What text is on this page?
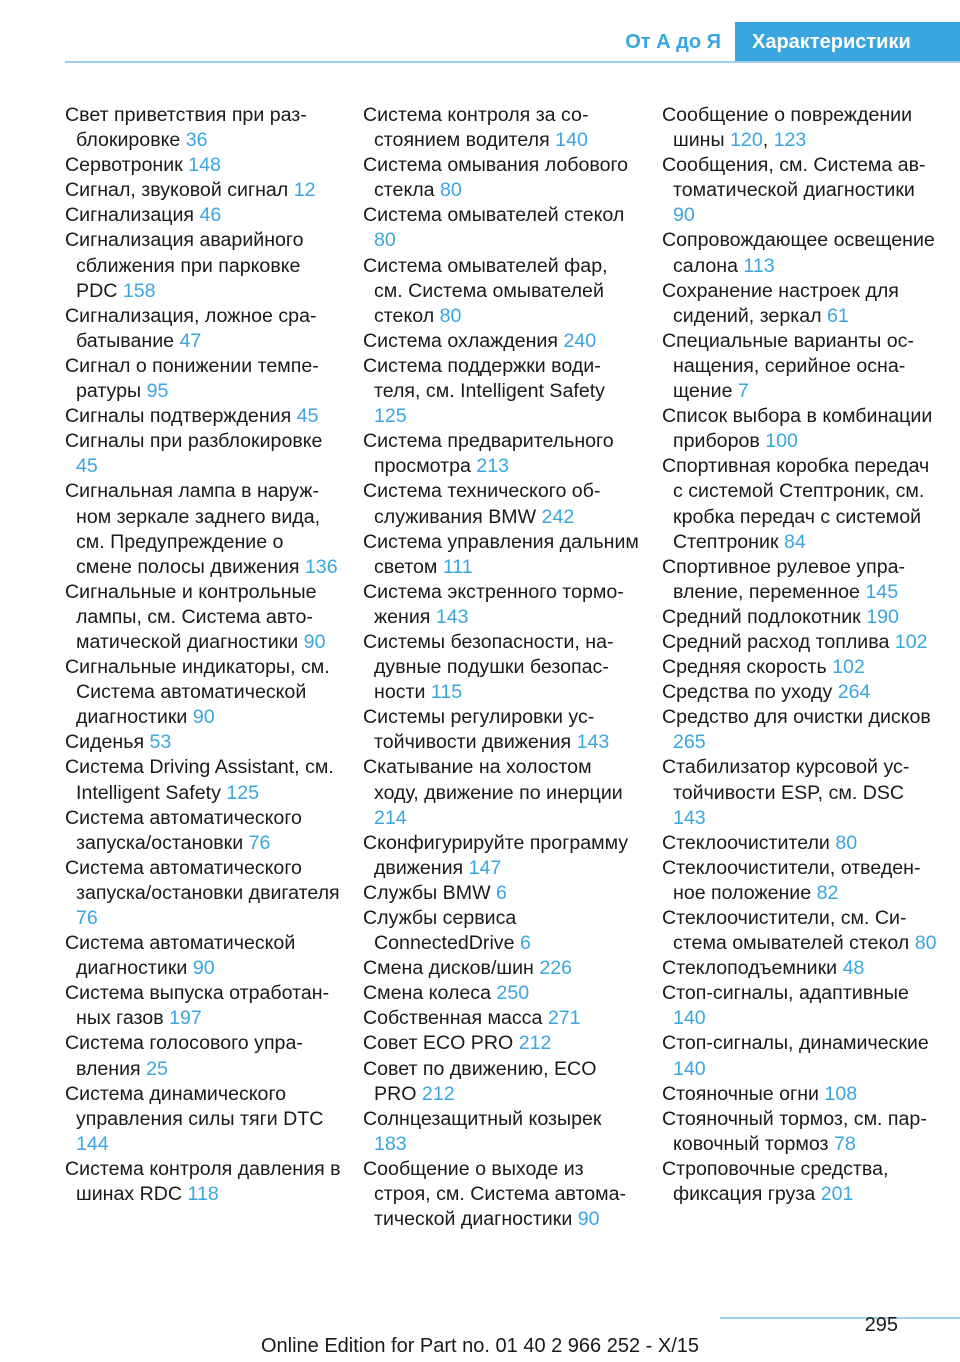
От А до Я	Характеристики
Свет приветствия при разблокировке 36
Сервотроник 148
Сигнал, звуковой сигнал 12
Сигнализация 46
Сигнализация аварийного сближения при парковке PDC 158
Сигнализация, ложное срабатывание 47
Сигнал о понижении температуры 95
Сигналы подтверждения 45
Сигналы при разблокировке 45
Сигнальная лампа в наружном зеркале заднего вида, см. Предупреждение о смене полосы движения 136
Сигнальные и контрольные лампы, см. Система автоматической диагностики 90
Сигнальные индикаторы, см. Система автоматической диагностики 90
Сиденья 53
Система Driving Assistant, см. Intelligent Safety 125
Система автоматического запуска/остановки 76
Система автоматического запуска/остановки двигателя 76
Система автоматической диагностики 90
Система выпуска отработанных газов 197
Система голосового управления 25
Система динамического управления силы тяги DTC 144
Система контроля давления в шинах RDC 118
Система контроля за состоянием водителя 140
Система омывания лобового стекла 80
Система омывателей стекол 80
Система омывателей фар, см. Система омывателей стекол 80
Система охлаждения 240
Система поддержки водителя, см. Intelligent Safety 125
Система предварительного просмотра 213
Система технического обслуживания BMW 242
Система управления дальним светом 111
Система экстренного торможения 143
Системы безопасности, надувные подушки безопасности 115
Системы регулировки устойчивости движения 143
Скатывание на холостом ходу, движение по инерции 214
Сконфигурируйте программу движения 147
Службы BMW 6
Службы сервиса ConnectedDrive 6
Смена дисков/шин 226
Смена колеса 250
Собственная масса 271
Совет ECO PRO 212
Совет по движению, ECO PRO 212
Солнцезащитный козырек 183
Сообщение о выходе из строя, см. Система автоматической диагностики 90
Сообщение о повреждении шины 120, 123
Сообщения, см. Система автоматической диагностики 90
Сопровождающее освещение салона 113
Сохранение настроек для сидений, зеркал 61
Специальные варианты оснащения, серийное оснащение 7
Список выбора в комбинации приборов 100
Спортивная коробка передач с системой Стептроник, см. кробка передач с системой Стептроник 84
Спортивное рулевое управление, переменное 145
Средний подлокотник 190
Средний расход топлива 102
Средняя скорость 102
Средства по уходу 264
Средство для очистки дисков 265
Стабилизатор курсовой устойчивости ESP, см. DSC 143
Стеклоочистители 80
Стеклоочистители, отведенное положение 82
Стеклоочистители, см. Система омывателей стекол 80
Стеклоподъемники 48
Стоп-сигналы, адаптивные 140
Стоп-сигналы, динамические 140
Стояночные огни 108
Стояночный тормоз, см. парковочный тормоз 78
Строповочные средства, фиксация груза 201
295
Online Edition for Part no. 01 40 2 966 252 - X/15
